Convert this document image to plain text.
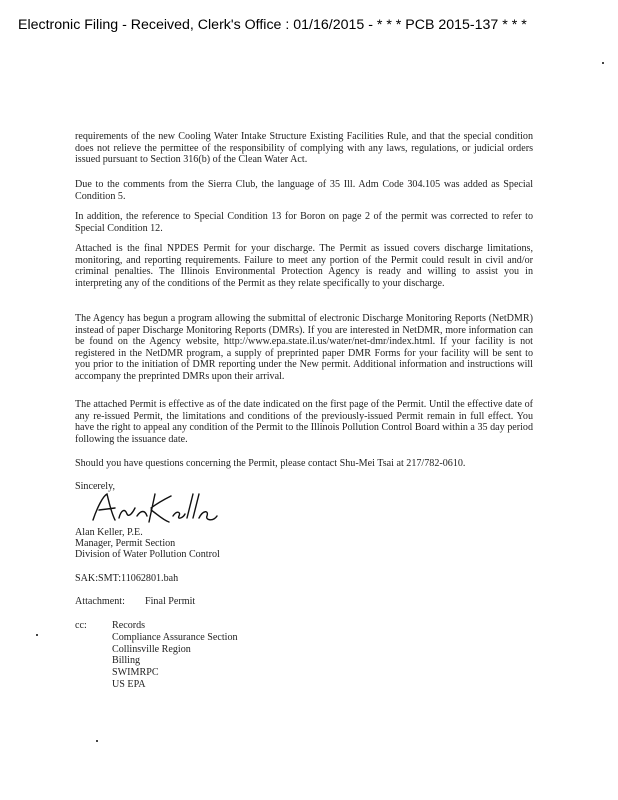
Electronic Filing - Received, Clerk's Office : 01/16/2015 - * * * PCB 2015-137 * * *
requirements of the new Cooling Water Intake Structure Existing Facilities Rule, and that the special condition does not relieve the permittee of the responsibility of complying with any laws, regulations, or judicial orders issued pursuant to Section 316(b) of the Clean Water Act.
Due to the comments from the Sierra Club, the language of 35 Ill. Adm Code 304.105 was added as Special Condition 5.
In addition, the reference to Special Condition 13 for Boron on page 2 of the permit was corrected to refer to Special Condition 12.
Attached is the final NPDES Permit for your discharge. The Permit as issued covers discharge limitations, monitoring, and reporting requirements. Failure to meet any portion of the Permit could result in civil and/or criminal penalties. The Illinois Environmental Protection Agency is ready and willing to assist you in interpreting any of the conditions of the Permit as they relate specifically to your discharge.
The Agency has begun a program allowing the submittal of electronic Discharge Monitoring Reports (NetDMR) instead of paper Discharge Monitoring Reports (DMRs). If you are interested in NetDMR, more information can be found on the Agency website, http://www.epa.state.il.us/water/net-dmr/index.html. If your facility is not registered in the NetDMR program, a supply of preprinted paper DMR Forms for your facility will be sent to you prior to the initiation of DMR reporting under the New permit. Additional information and instructions will accompany the preprinted DMRs upon their arrival.
The attached Permit is effective as of the date indicated on the first page of the Permit. Until the effective date of any re-issued Permit, the limitations and conditions of the previously-issued Permit remain in full effect. You have the right to appeal any condition of the Permit to the Illinois Pollution Control Board within a 35 day period following the issuance date.
Should you have questions concerning the Permit, please contact Shu-Mei Tsai at 217/782-0610.
Sincerely,
Alan Keller, P.E.
Manager, Permit Section
Division of Water Pollution Control
SAK:SMT:11062801.bah
Attachment: Final Permit
cc: Records
Compliance Assurance Section
Collinsville Region
Billing
SWIMRPC
US EPA
